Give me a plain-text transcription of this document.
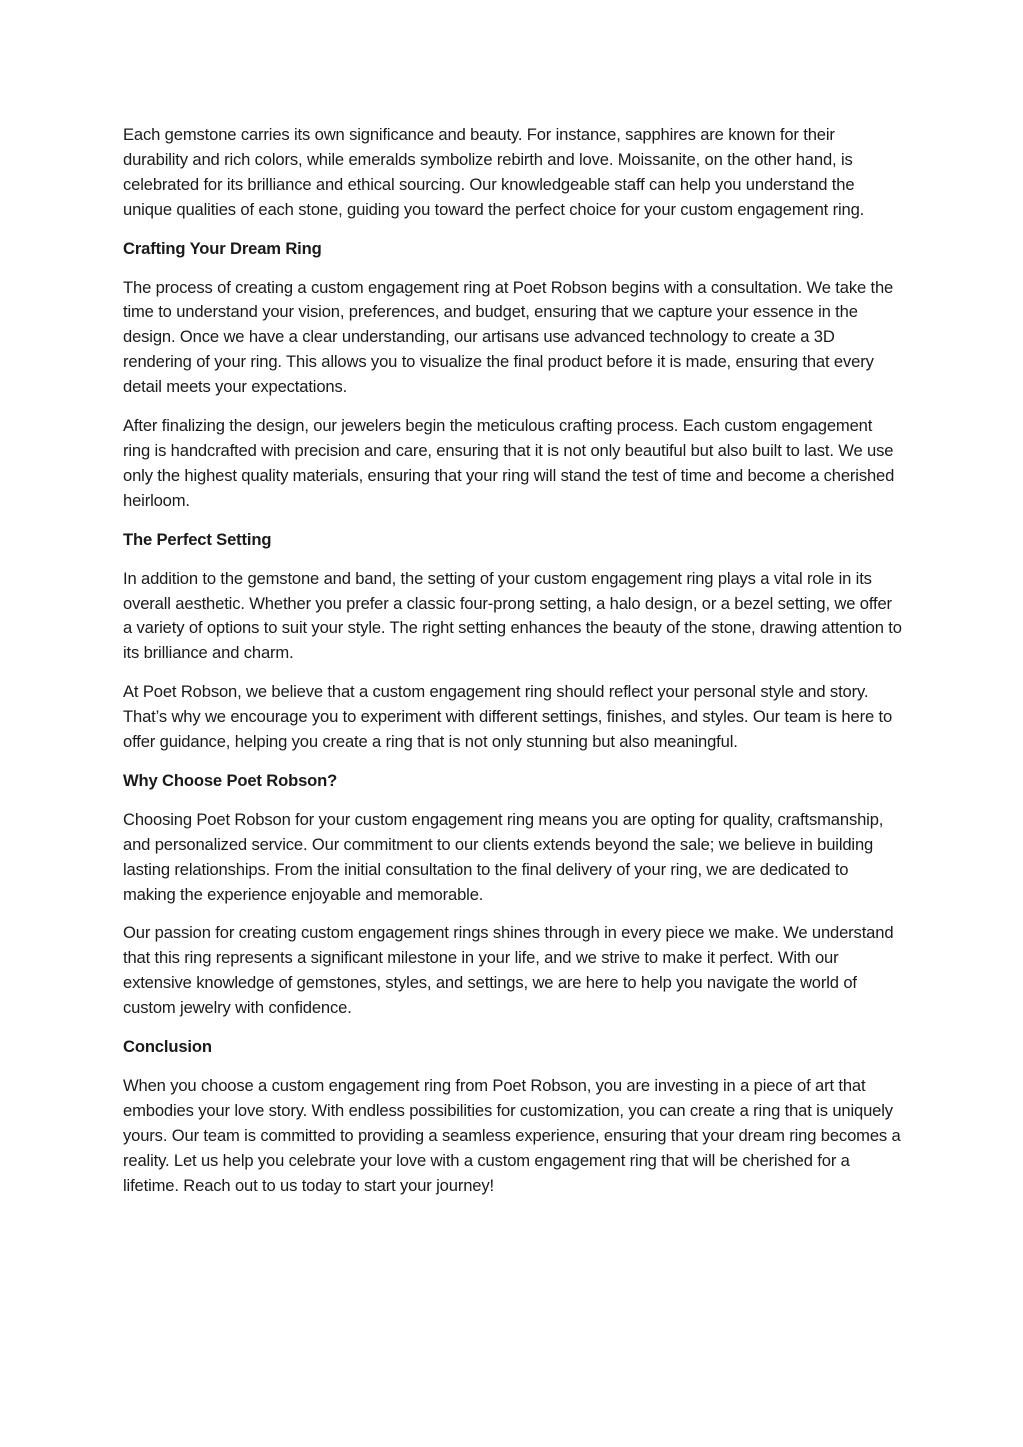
Each gemstone carries its own significance and beauty. For instance, sapphires are known for their durability and rich colors, while emeralds symbolize rebirth and love. Moissanite, on the other hand, is celebrated for its brilliance and ethical sourcing. Our knowledgeable staff can help you understand the unique qualities of each stone, guiding you toward the perfect choice for your custom engagement ring.

Crafting Your Dream Ring

The process of creating a custom engagement ring at Poet Robson begins with a consultation. We take the time to understand your vision, preferences, and budget, ensuring that we capture your essence in the design. Once we have a clear understanding, our artisans use advanced technology to create a 3D rendering of your ring. This allows you to visualize the final product before it is made, ensuring that every detail meets your expectations.

After finalizing the design, our jewelers begin the meticulous crafting process. Each custom engagement ring is handcrafted with precision and care, ensuring that it is not only beautiful but also built to last. We use only the highest quality materials, ensuring that your ring will stand the test of time and become a cherished heirloom.

The Perfect Setting

In addition to the gemstone and band, the setting of your custom engagement ring plays a vital role in its overall aesthetic. Whether you prefer a classic four-prong setting, a halo design, or a bezel setting, we offer a variety of options to suit your style. The right setting enhances the beauty of the stone, drawing attention to its brilliance and charm.

At Poet Robson, we believe that a custom engagement ring should reflect your personal style and story. That’s why we encourage you to experiment with different settings, finishes, and styles. Our team is here to offer guidance, helping you create a ring that is not only stunning but also meaningful.

Why Choose Poet Robson?

Choosing Poet Robson for your custom engagement ring means you are opting for quality, craftsmanship, and personalized service. Our commitment to our clients extends beyond the sale; we believe in building lasting relationships. From the initial consultation to the final delivery of your ring, we are dedicated to making the experience enjoyable and memorable.

Our passion for creating custom engagement rings shines through in every piece we make. We understand that this ring represents a significant milestone in your life, and we strive to make it perfect. With our extensive knowledge of gemstones, styles, and settings, we are here to help you navigate the world of custom jewelry with confidence.

Conclusion

When you choose a custom engagement ring from Poet Robson, you are investing in a piece of art that embodies your love story. With endless possibilities for customization, you can create a ring that is uniquely yours. Our team is committed to providing a seamless experience, ensuring that your dream ring becomes a reality. Let us help you celebrate your love with a custom engagement ring that will be cherished for a lifetime. Reach out to us today to start your journey!
